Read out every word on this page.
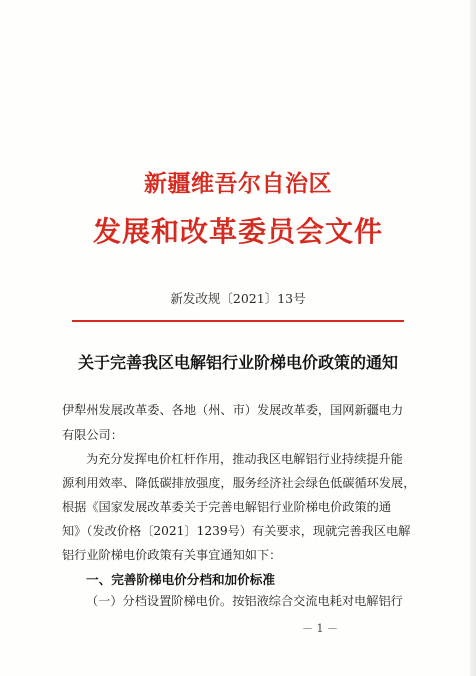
新疆维吾尔自治区
发展和改革委员会文件
新发改规〔2021〕13号
关于完善我区电解铝行业阶梯电价政策的通知
伊犁州发展改革委、各地（州、市）发展改革委，国网新疆电力
有限公司：
为充分发挥电价杠杆作用，推动我区电解铝行业持续提升能
源利用效率、降低碳排放强度，服务经济社会绿色低碳循环发展，
根据《国家发展改革委关于完善电解铝行业阶梯电价政策的通
知》（发改价格〔2021〕1239号）有关要求，现就完善我区电解
铝行业阶梯电价政策有关事宜通知如下：
一、完善阶梯电价分档和加价标准
（一）分档设置阶梯电价。按铝液综合交流电耗对电解铝行
－ 1 －
